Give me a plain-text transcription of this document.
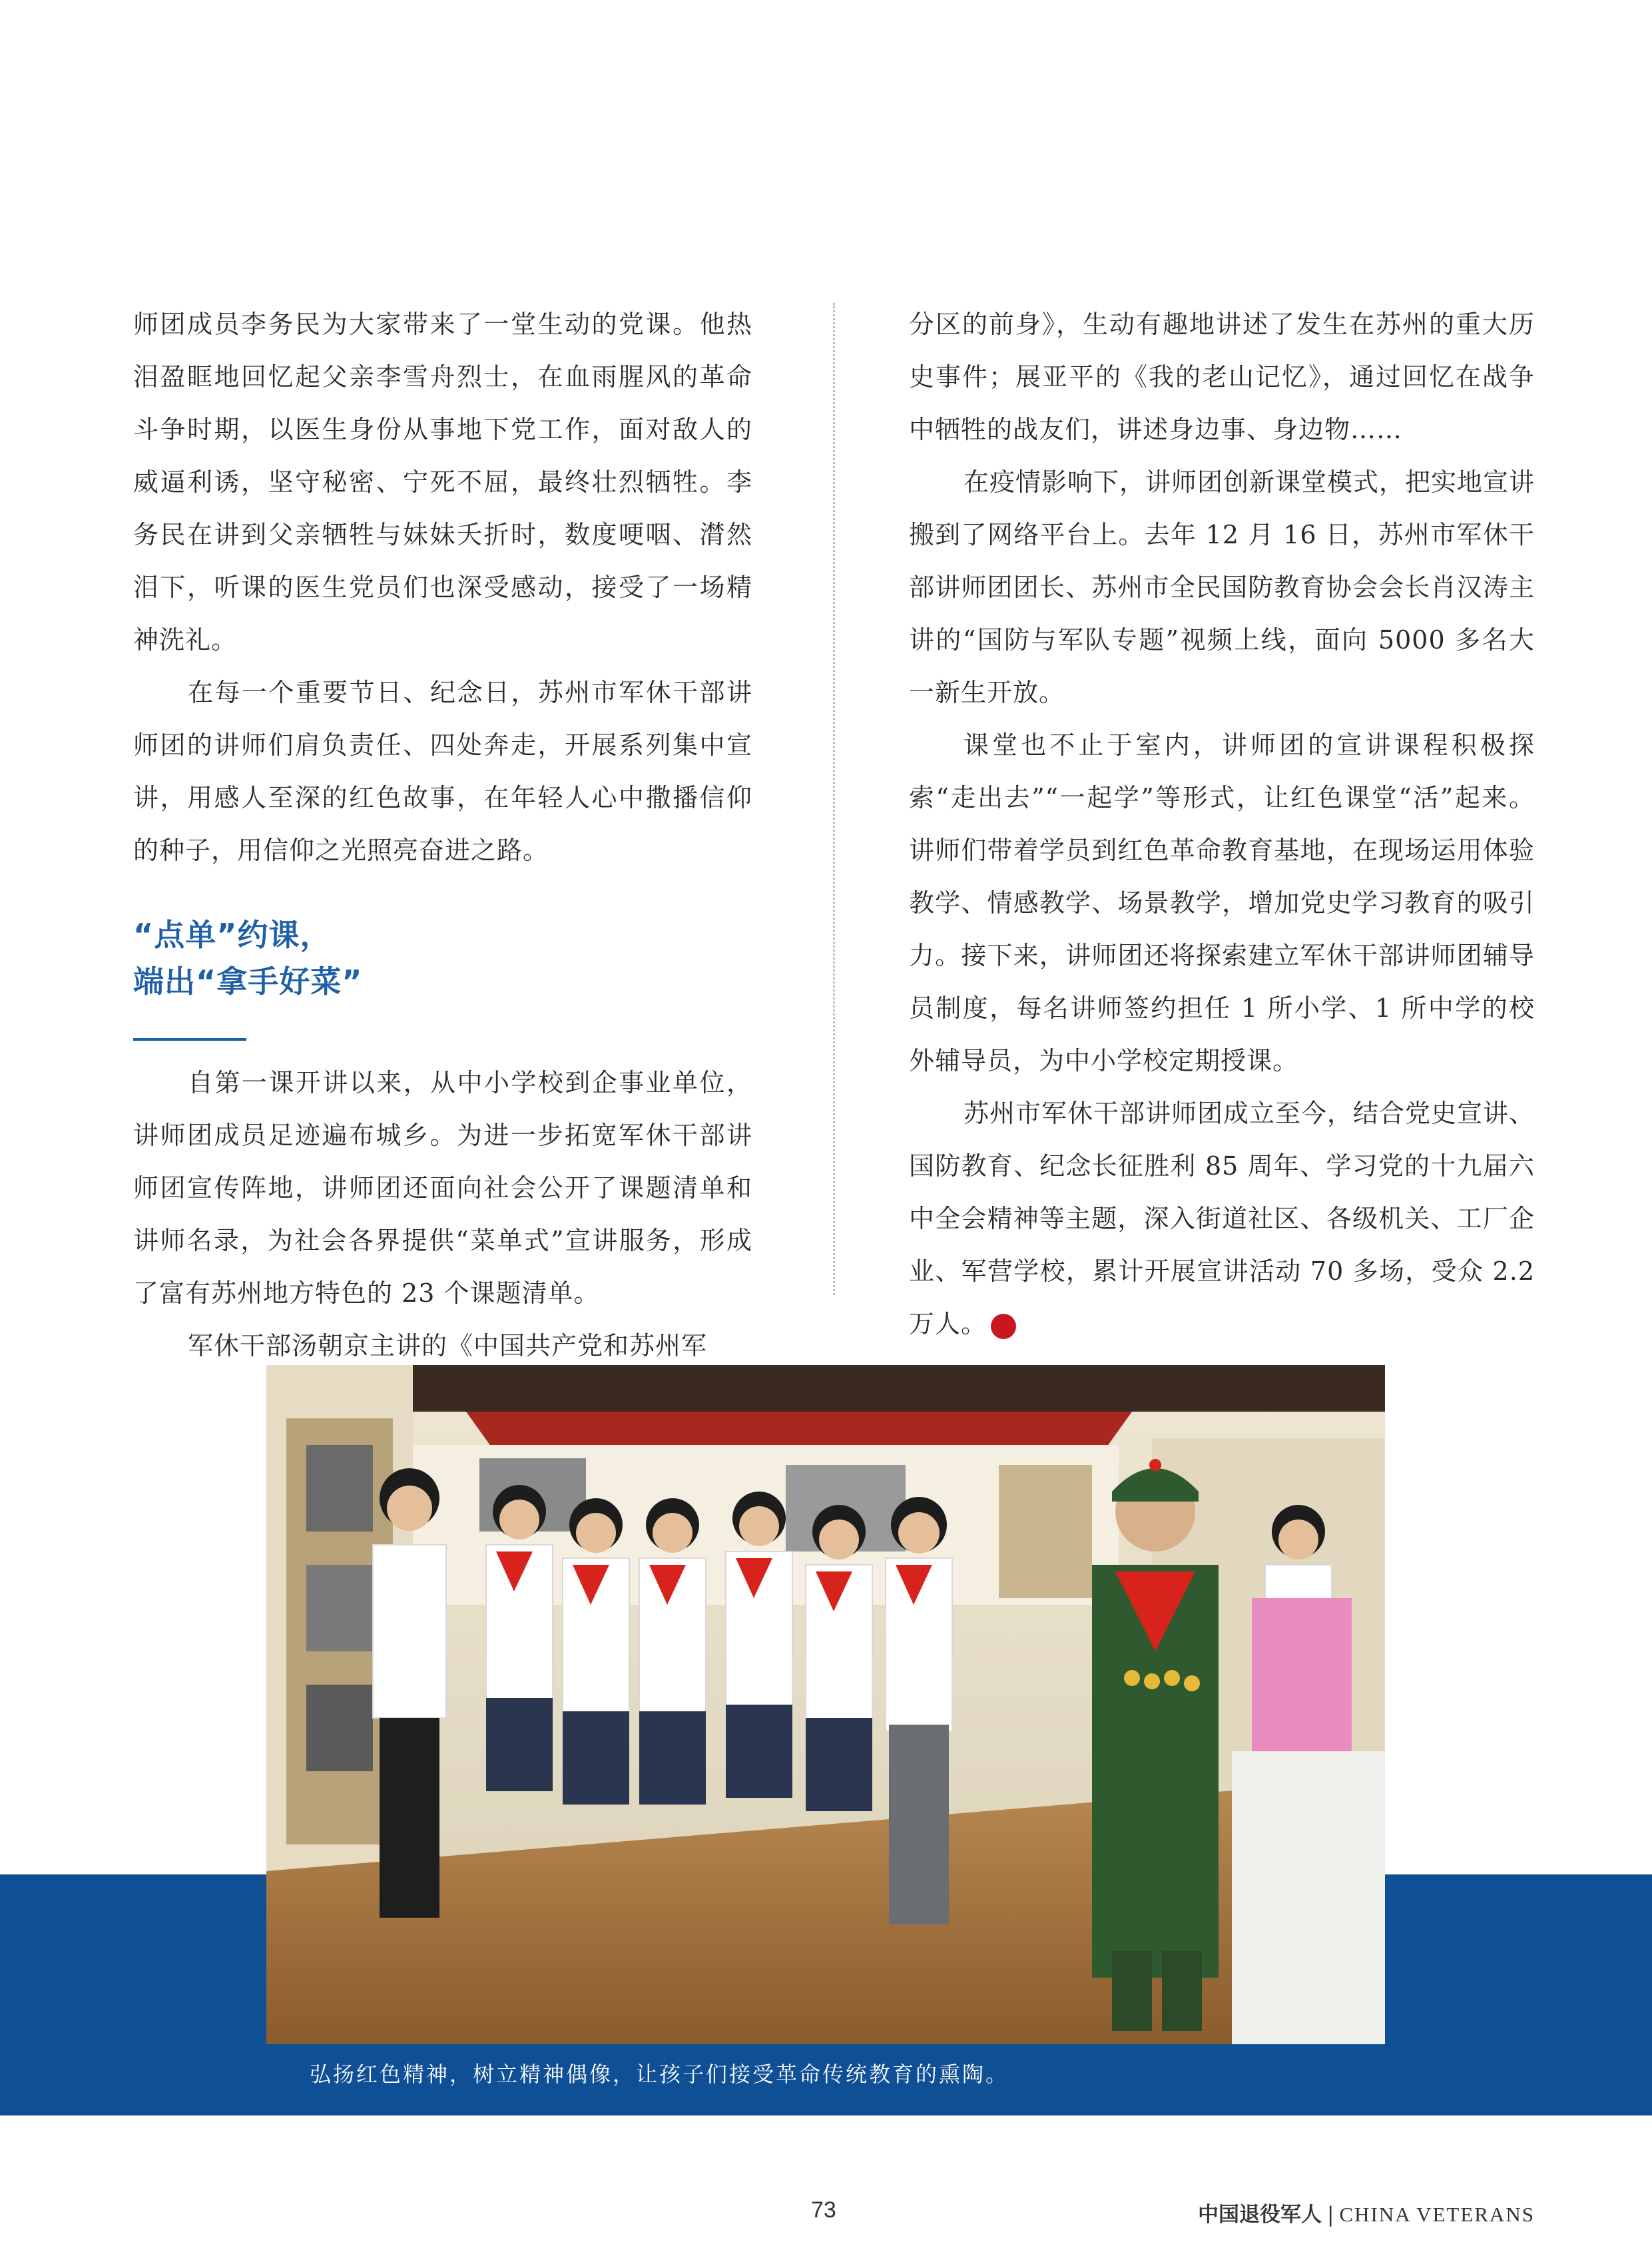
师团成员李务民为大家带来了一堂生动的党课。他热泪盈眶地回忆起父亲李雪舟烈士，在血雨腥风的革命斗争时期，以医生身份从事地下党工作，面对敌人的威逼利诱，坚守秘密、宁死不屈，最终壮烈牺牲。李务民在讲到父亲牺牲与妹妹夭折时，数度哽咽、潸然泪下，听课的医生党员们也深受感动，接受了一场精神洗礼。

在每一个重要节日、纪念日，苏州市军休干部讲师团的讲师们肩负责任、四处奔走，开展系列集中宣讲，用感人至深的红色故事，在年轻人心中撒播信仰的种子，用信仰之光照亮奋进之路。

“点单”约课，
端出“拿手好菜”

自第一课开讲以来，从中小学校到企事业单位，讲师团成员足迹遍布城乡。为进一步拓宽军休干部讲师团宣传阵地，讲师团还面向社会公开了课题清单和讲师名录，为社会各界提供“菜单式”宣讲服务，形成了富有苏州地方特色的 23 个课题清单。

军休干部汤朝京主讲的《中国共产党和苏州军

分区的前身》，生动有趣地讲述了发生在苏州的重大历史事件；展亚平的《我的老山记忆》，通过回忆在战争中牺牲的战友们，讲述身边事、身边物……

在疫情影响下，讲师团创新课堂模式，把实地宣讲搬到了网络平台上。去年 12 月 16 日，苏州市军休干部讲师团团长、苏州市全民国防教育协会会长肖汉涛主讲的“国防与军队专题”视频上线，面向 5000 多名大一新生开放。

课堂也不止于室内，讲师团的宣讲课程积极探索“走出去”“一起学”等形式，让红色课堂“活”起来。讲师们带着学员到红色革命教育基地，在现场运用体验教学、情感教学、场景教学，增加党史学习教育的吸引力。接下来，讲师团还将探索建立军休干部讲师团辅导员制度，每名讲师签约担任 1 所小学、1 所中学的校外辅导员，为中小学校定期授课。

苏州市军休干部讲师团成立至今，结合党史宣讲、国防教育、纪念长征胜利 85 周年、学习党的十九届六中全会精神等主题，深入街道社区、各级机关、工厂企业、军营学校，累计开展宣讲活动 70 多场，受众 2.2 万人。	V

弘扬红色精神，树立精神偶像，让孩子们接受革命传统教育的熏陶。
73	中国退役军人 | CHINA VETERANS
